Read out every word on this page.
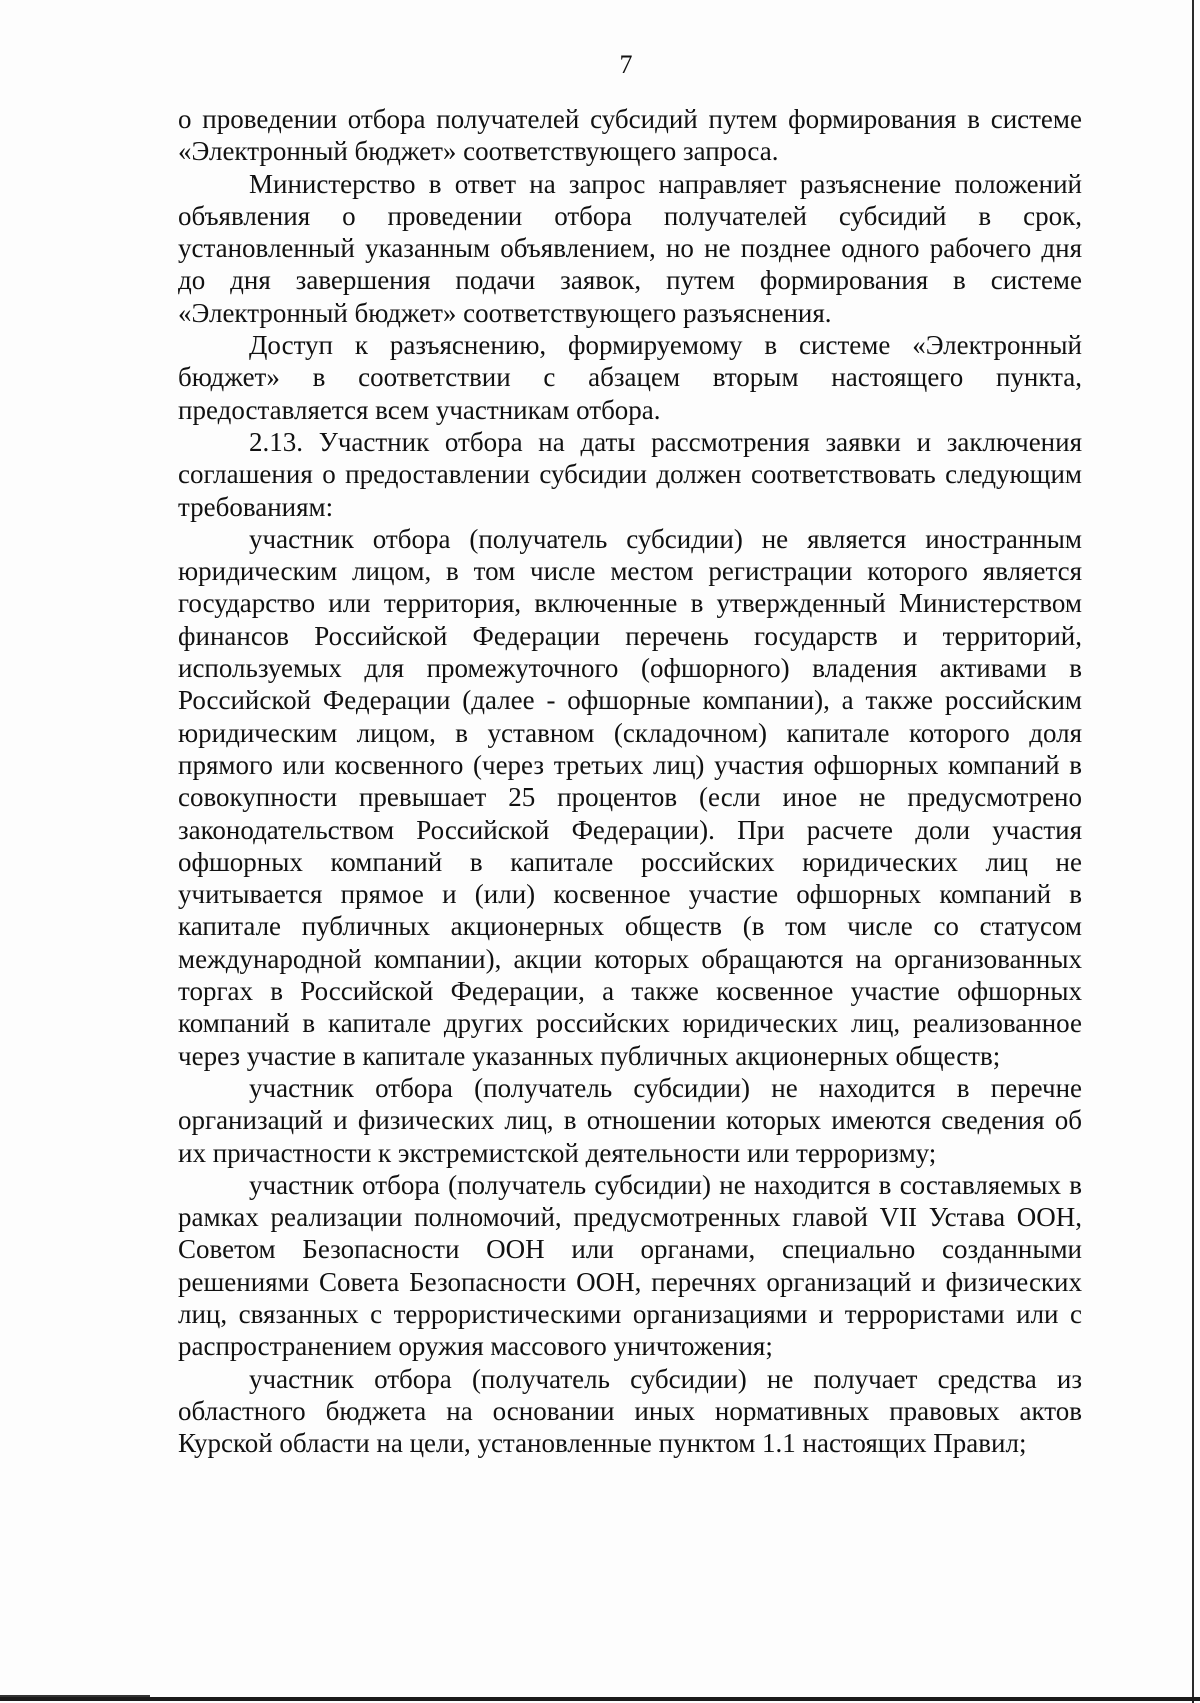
7

о проведении отбора получателей субсидий путем формирования в системе «Электронный бюджет» соответствующего запроса.

Министерство в ответ на запрос направляет разъяснение положений объявления о проведении отбора получателей субсидий в срок, установленный указанным объявлением, но не позднее одного рабочего дня до дня завершения подачи заявок, путем формирования в системе «Электронный бюджет» соответствующего разъяснения.

Доступ к разъяснению, формируемому в системе «Электронный бюджет» в соответствии с абзацем вторым настоящего пункта, предоставляется всем участникам отбора.

2.13. Участник отбора на даты рассмотрения заявки и заключения соглашения о предоставлении субсидии должен соответствовать следующим требованиям:

участник отбора (получатель субсидии) не является иностранным юридическим лицом, в том числе местом регистрации которого является государство или территория, включенные в утвержденный Министерством финансов Российской Федерации перечень государств и территорий, используемых для промежуточного (офшорного) владения активами в Российской Федерации (далее - офшорные компании), а также российским юридическим лицом, в уставном (складочном) капитале которого доля прямого или косвенного (через третьих лиц) участия офшорных компаний в совокупности превышает 25 процентов (если иное не предусмотрено законодательством Российской Федерации). При расчете доли участия офшорных компаний в капитале российских юридических лиц не учитывается прямое и (или) косвенное участие офшорных компаний в капитале публичных акционерных обществ (в том числе со статусом международной компании), акции которых обращаются на организованных торгах в Российской Федерации, а также косвенное участие офшорных компаний в капитале других российских юридических лиц, реализованное через участие в капитале указанных публичных акционерных обществ;

участник отбора (получатель субсидии) не находится в перечне организаций и физических лиц, в отношении которых имеются сведения об их причастности к экстремистской деятельности или терроризму;

участник отбора (получатель субсидии) не находится в составляемых в рамках реализации полномочий, предусмотренных главой VII Устава ООН, Советом Безопасности ООН или органами, специально созданными решениями Совета Безопасности ООН, перечнях организаций и физических лиц, связанных с террористическими организациями и террористами или с распространением оружия массового уничтожения;

участник отбора (получатель субсидии) не получает средства из областного бюджета на основании иных нормативных правовых актов Курской области на цели, установленные пунктом 1.1 настоящих Правил;
